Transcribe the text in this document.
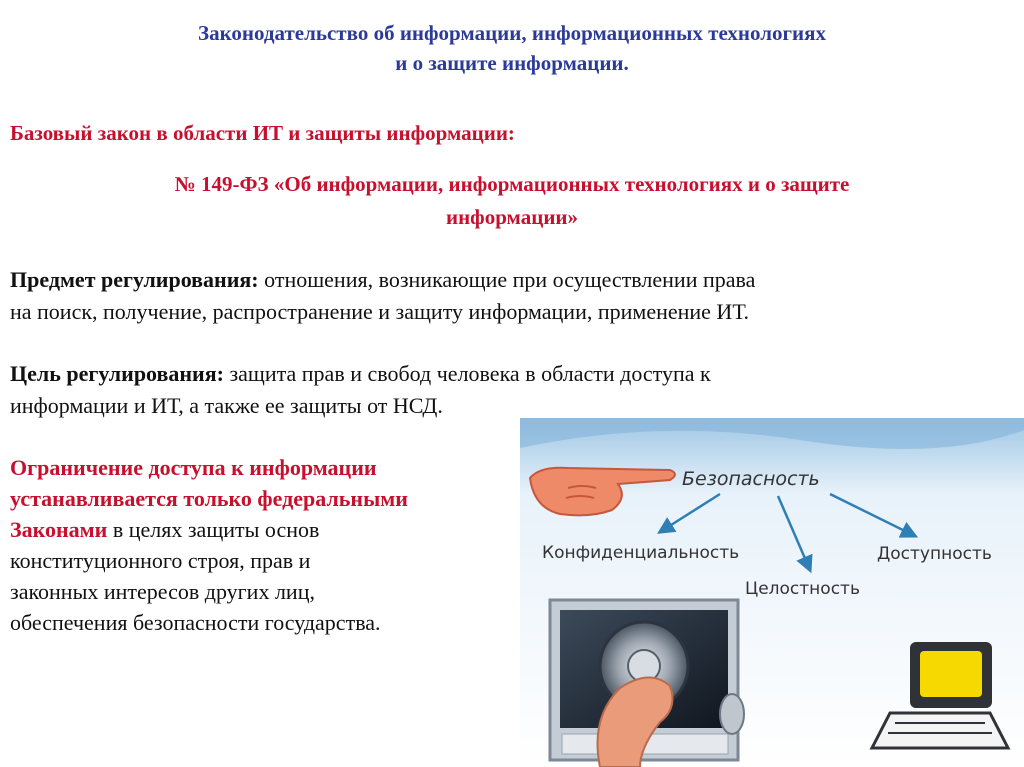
Законодательство об информации, информационных технологиях
и о защите информации.
Базовый закон в области ИТ и защиты информации:
№ 149-ФЗ «Об информации, информационных технологиях и о защите
информации»
Предмет регулирования: отношения, возникающие при осуществлении права
на поиск, получение, распространение и защиту информации, применение ИТ.
Цель регулирования: защита прав и свобод человека в области доступа к
информации и ИТ, а также ее защиты от НСД.
Ограничение доступа к информации
устанавливается только федеральными
Законами в целях защиты основ
конституционного строя, прав и
законных интересов других лиц,
обеспечения безопасности государства.
Безопасность
Конфиденциальность	Доступность
Целостность
